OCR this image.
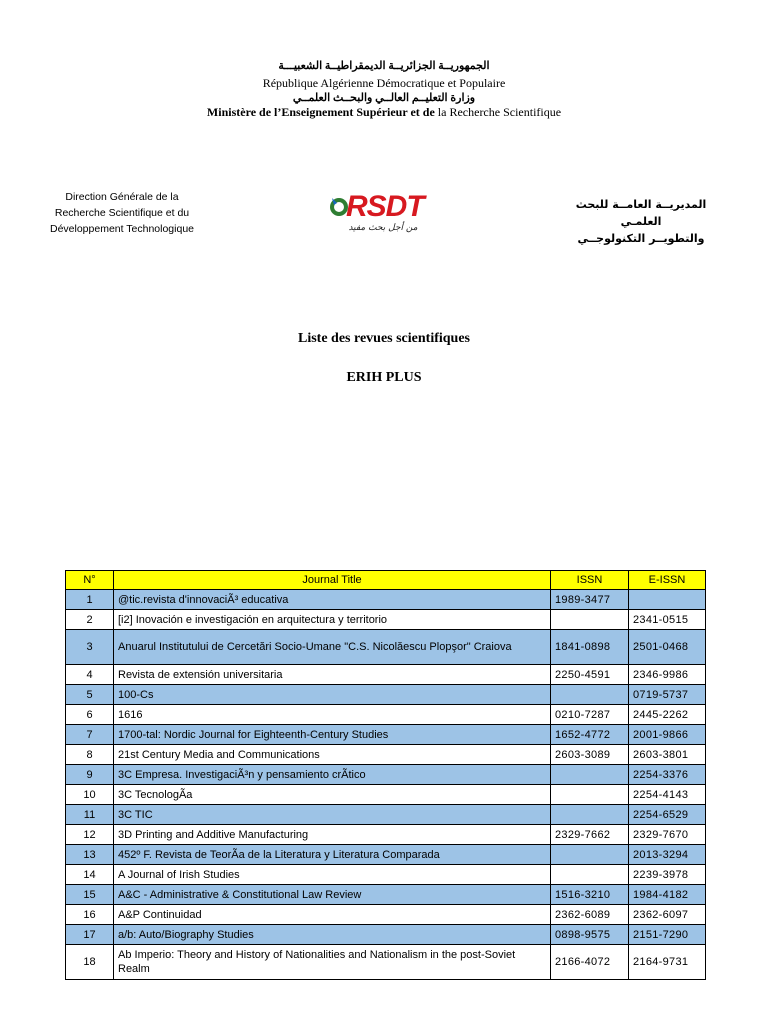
الجمهوريــة الجزائريــة الديمقراطيــة الشعبيـــة
République Algérienne Démocratique et Populaire
وزارة التعليــم العالــي والبحــث العلمــي
Ministère de l’Enseignement Supérieur et de la Recherche Scientifique
Direction Générale de la
Recherche Scientifique et du
Développement Technologique
RSDT
من أجل بحث مفيد
المديريــة العامــة للبحث العلمـي
والتطويــر التكنولوجــي
Liste des revues scientifiques
ERIH PLUS
N°	Journal Title	ISSN	E-ISSN
1	@tic.revista d'innovaciÃ³ educativa	1989-3477	
2	[i2] Inovación e investigación en arquitectura y territorio		2341-0515
3	Anuarul Institutului de Cercetări Socio-Umane "C.S. Nicolăescu Plopşor" Craiova	1841-0898	2501-0468
4	Revista de extensión universitaria	2250-4591	2346-9986
5	100-Cs		0719-5737
6	1616	0210-7287	2445-2262
7	1700-tal: Nordic Journal for Eighteenth-Century Studies	1652-4772	2001-9866
8	21st Century Media and Communications	2603-3089	2603-3801
9	3C Empresa. InvestigaciÃ³n y pensamiento crÃtico		2254-3376
10	3C TecnologÃa		2254-4143
11	3C TIC		2254-6529
12	3D Printing and Additive Manufacturing	2329-7662	2329-7670
13	452º F. Revista de TeorÃa de la Literatura y Literatura Comparada		2013-3294
14	A Journal of Irish Studies		2239-3978
15	A&C - Administrative & Constitutional Law Review	1516-3210	1984-4182
16	A&P Continuidad	2362-6089	2362-6097
17	a/b: Auto/Biography Studies	0898-9575	2151-7290
18	Ab Imperio: Theory and History of Nationalities and Nationalism in the post-Soviet Realm	2166-4072	2164-9731
